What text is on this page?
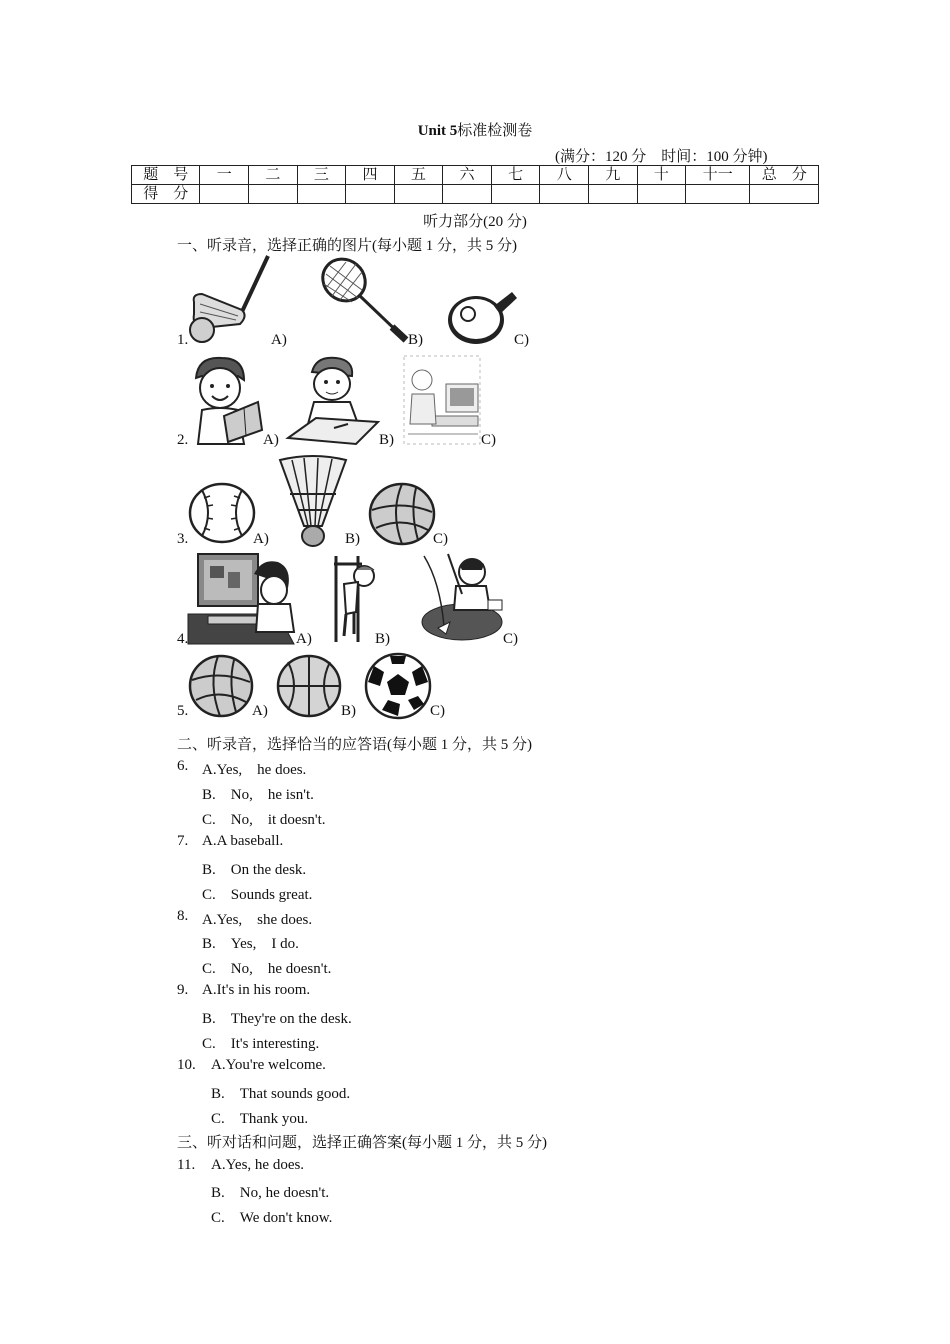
Unit 5标准检测卷
(满分：120 分　时间：100 分钟)
题　号	一	二	三	四	五	六	七	八	九	十	十一	总　分
得　分												
听力部分(20 分)
一、听录音，选择正确的图片(每小题 1 分，共 5 分)
1.	A)	B)	C)
2.	A)	B)	C)
3.	A)	B)	C)
4.	A)	B)	C)
5.	A)	B)	C)
二、听录音，选择恰当的应答语(每小题 1 分，共 5 分)
6. A.Yes,　he does.
B.　No,　he isn't.
C.　No,　it doesn't.
7. A.A baseball.
B.　On the desk.
C.　Sounds great.
8. A.Yes,　she does.
B.　Yes,　I do.
C.　No,　he doesn't.
9. A.It's in his room.
B.　They're on the desk.
C.　It's interesting.
10. A.You're welcome.
B.　That sounds good.
C.　Thank you.
三、听对话和问题，选择正确答案(每小题 1 分，共 5 分)
11. A.Yes, he does.
B.　No, he doesn't.
C.　We don't know.
